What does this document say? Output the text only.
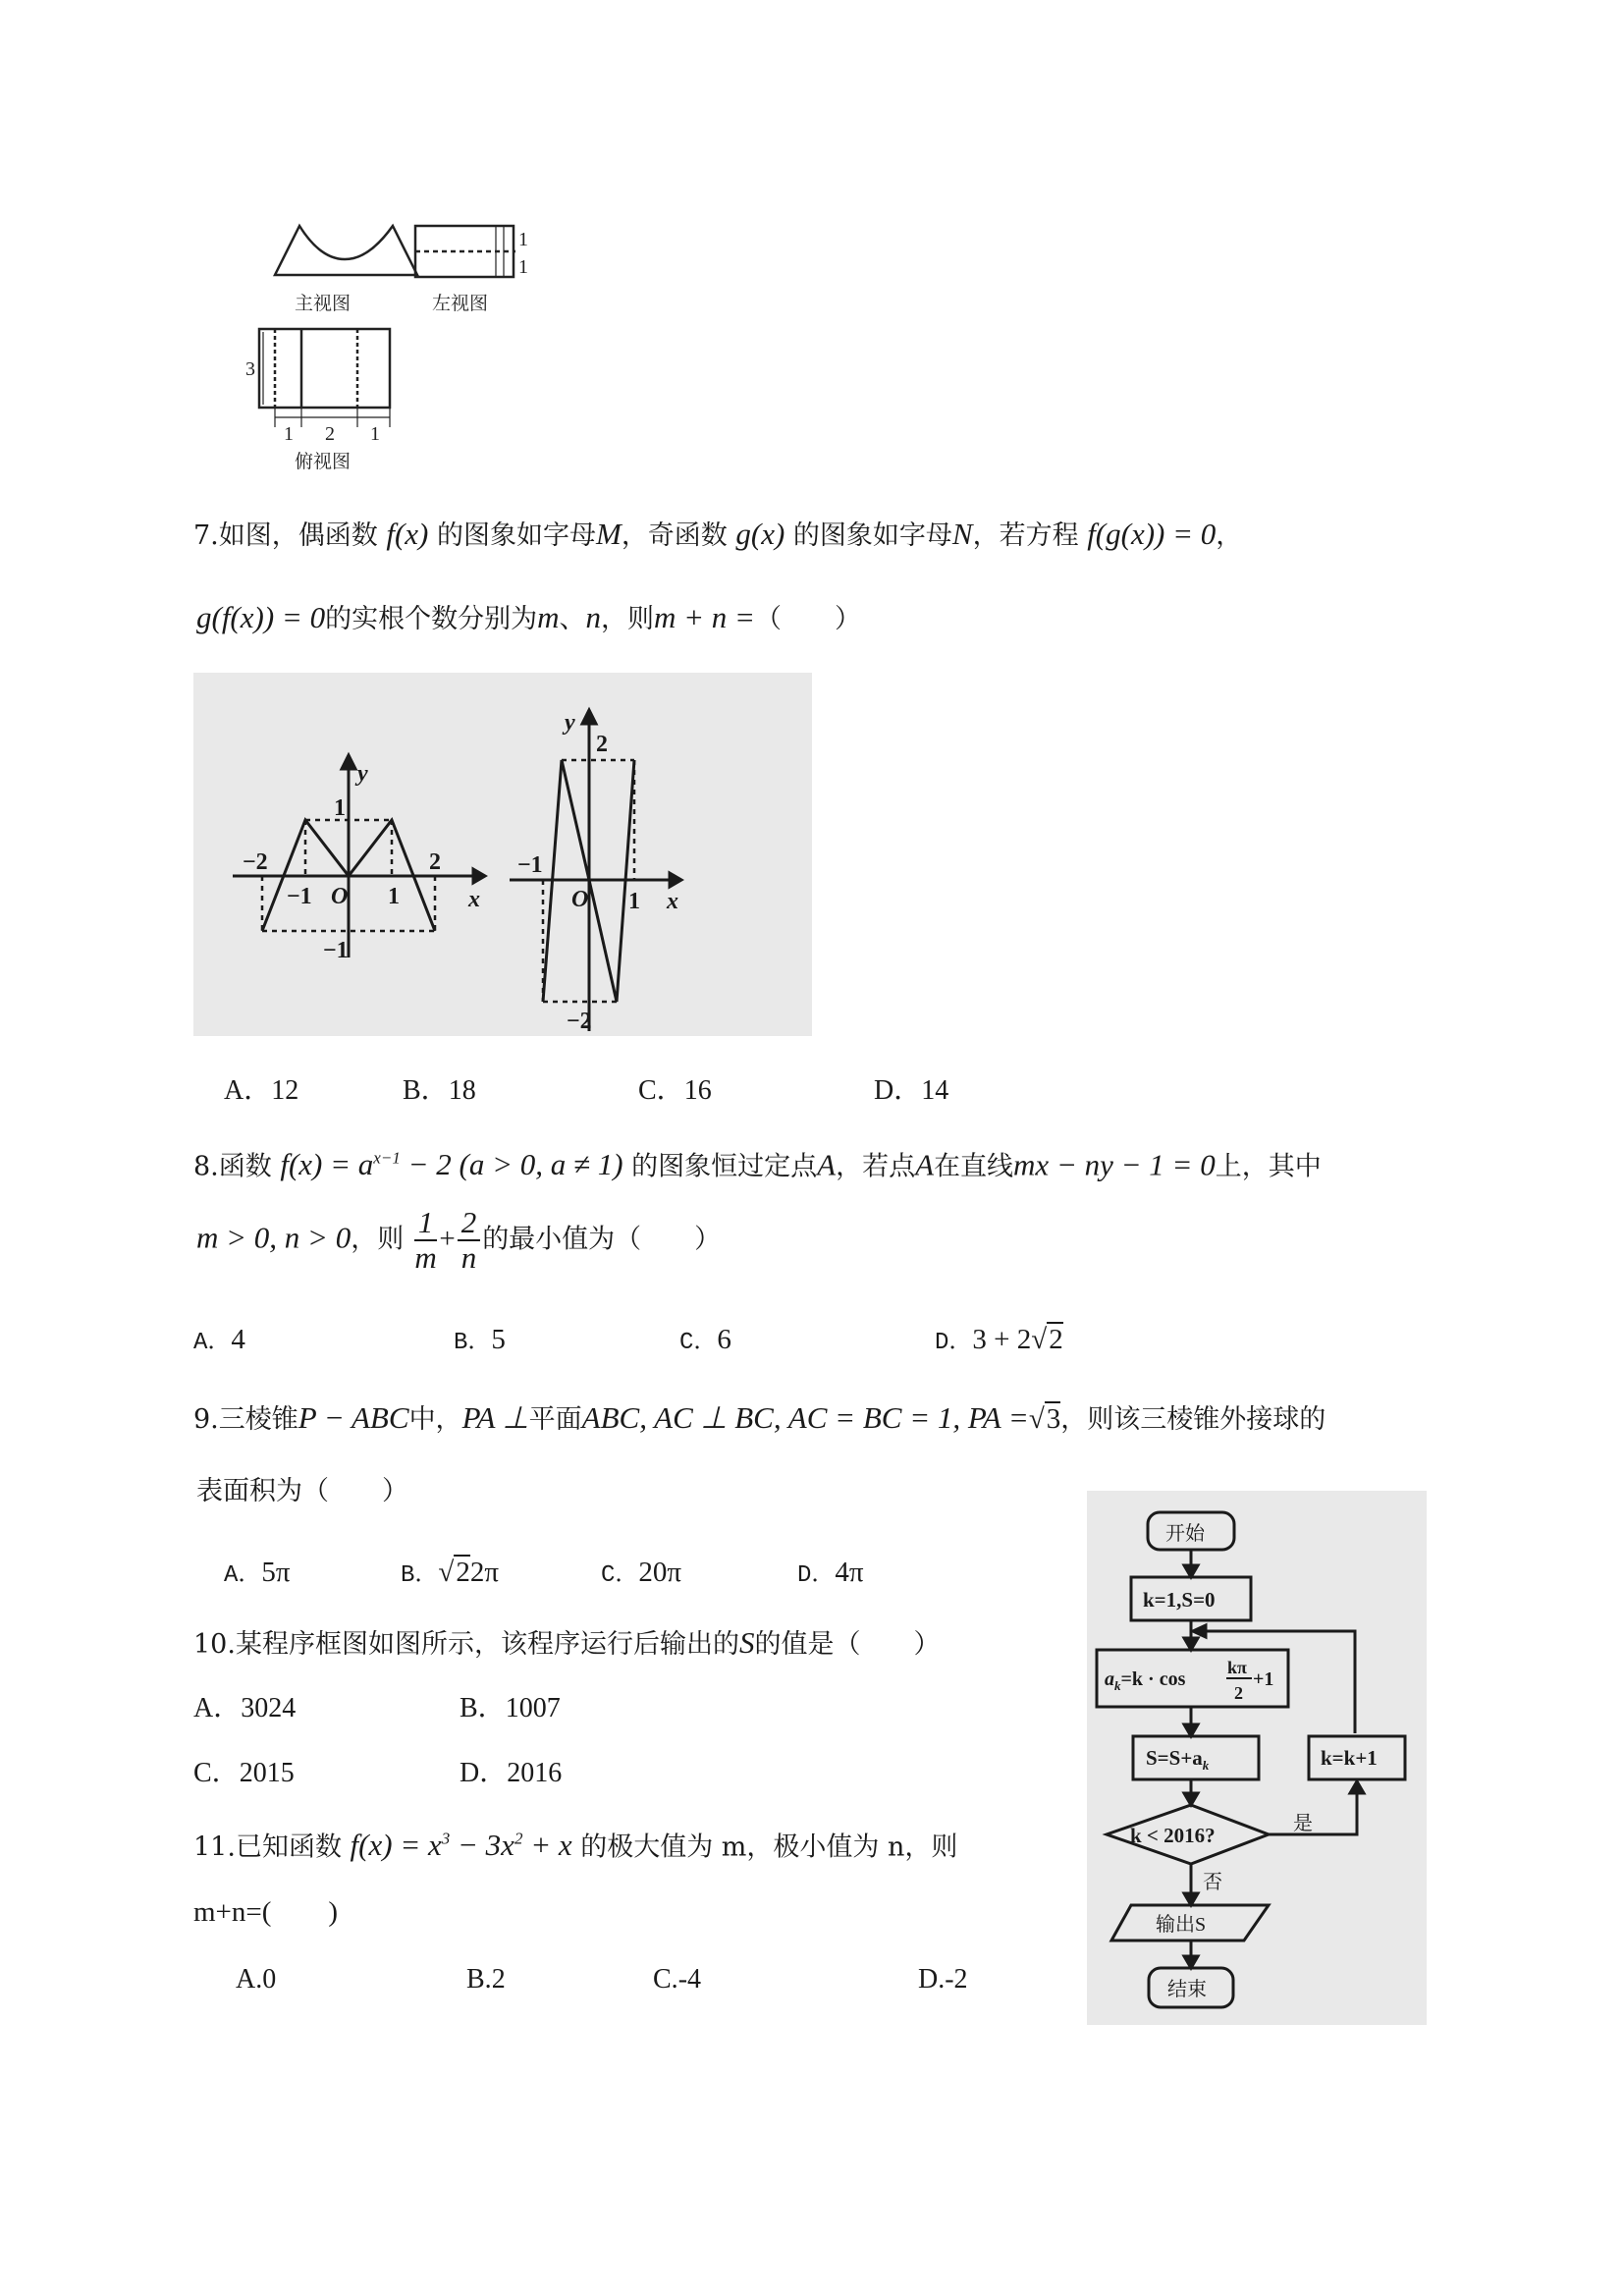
主视图	左视图
1
1
3
1 2 1
俯视图
7.如图，偶函数 f(x) 的图象如字母M，奇函数 g(x) 的图象如字母N，若方程 f(g(x)) = 0，
g(f(x)) = 0的实根个数分别为m、n，则m + n =（　　）
y
x
O
−2
−1	1
2
1
−1
y
x
O
−1
1
2
−2
A．12	B．18	C．16	D．14
8.函数 $f(x) = a^{x-1} - 2$ (a > 0, a ≠ 1) 的图象恒过定点A，若点A在直线mx − ny − 1 = 0上，其中
m > 0, n > 0，则 $\frac{1}{m} + \frac{2}{n}$ 的最小值为（　　）
A．4	B．5	C．6	D．3 + 2√2
9.三棱锥P − ABC中，PA ⊥平面ABC, AC ⊥ BC, AC = BC = 1, PA =√3，则该三棱锥外接球的
表面积为（　　）
A．5π	B．√22π	C．20π	D．4π
10.某程序框图如图所示，该程序运行后输出的S的值是（　　）
A．3024	B．1007
C．2015	D．2016
开始
k=1,S=0
$a_k=k \cdot \cos$
kπ
2
+1
$S=S+a_k$	k=k+1
k < 2016?	是
否
输出S
结束
11.已知函数 $f(x) = x^3 - 3x^2 + x$ 的极大值为 m，极小值为 n，则
m+n=(　　)
A.0	B.2	C.-4	D.-2
